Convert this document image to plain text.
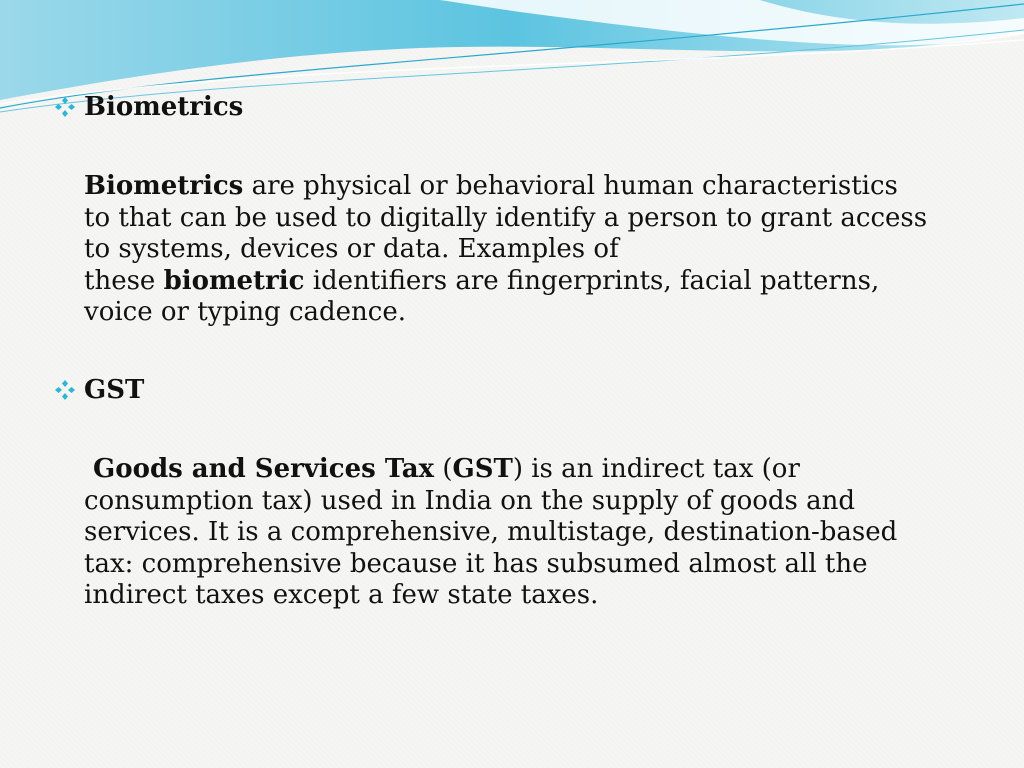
Biometrics
Biometrics are physical or behavioral human characteristics
to that can be used to digitally identify a person to grant access
to systems, devices or data. Examples of
these biometric identifiers are fingerprints, facial patterns,
voice or typing cadence.
GST
Goods and Services Tax (GST) is an indirect tax (or
consumption tax) used in India on the supply of goods and
services. It is a comprehensive, multistage, destination-based
tax: comprehensive because it has subsumed almost all the
indirect taxes except a few state taxes.
